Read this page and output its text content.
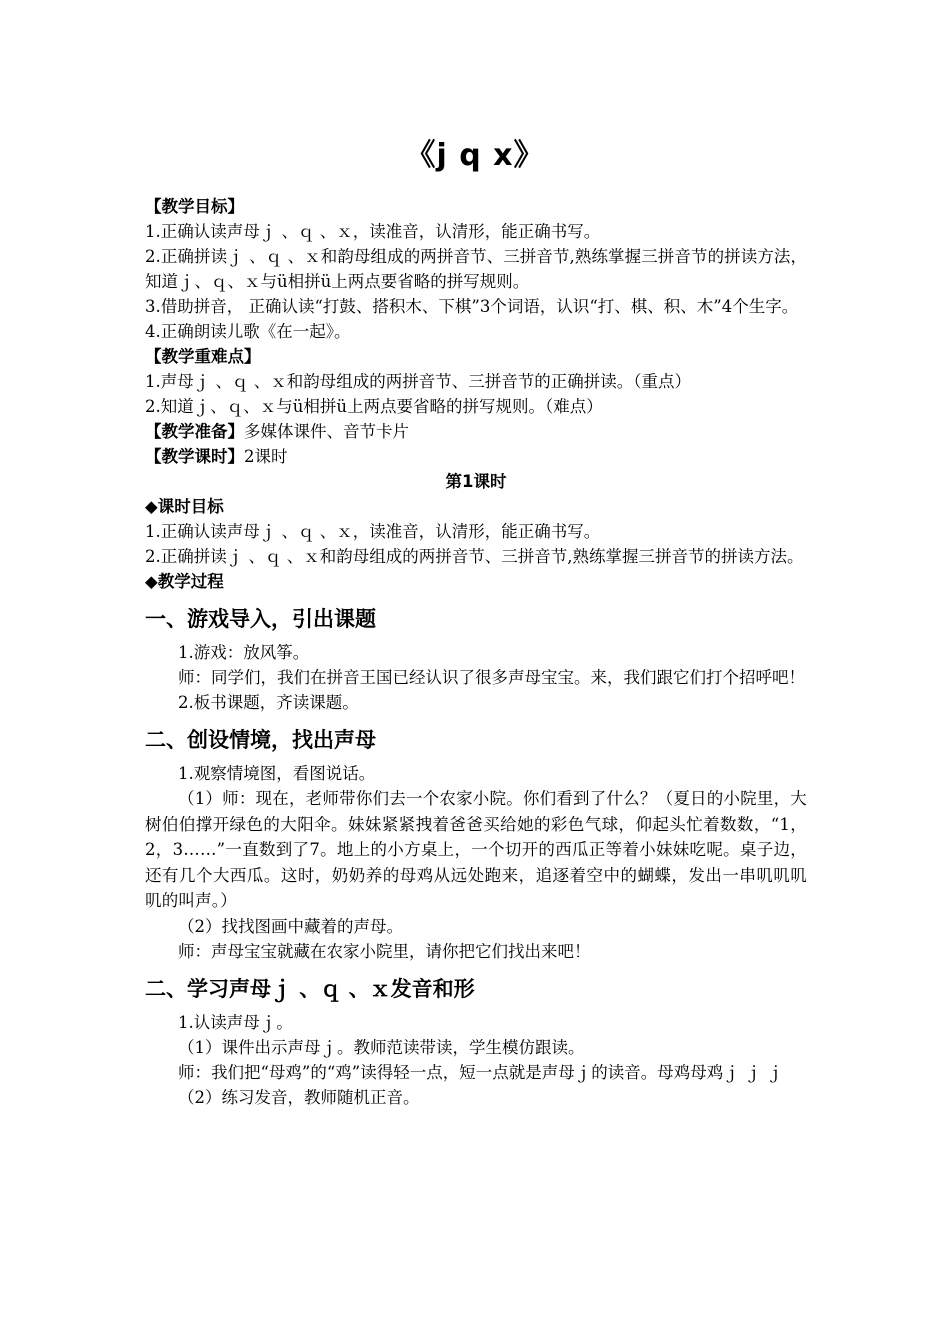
《j q x》

【教学目标】

1.正确认读声母ｊ 、ｑ 、ｘ，读准音，认清形，能正确书写。

2.正确拼读ｊ 、ｑ 、ｘ和韵母组成的两拼音节、三拼音节,熟练掌握三拼音节的拼读方法，知道ｊ、ｑ、ｘ与ü相拼ü上两点要省略的拼写规则。

3.借助拼音， 正确认读“打鼓、搭积木、下棋”3个词语，认识“打、棋、积、木”4个生字。

4.正确朗读儿歌《在一起》。

【教学重难点】

1.声母ｊ 、ｑ 、ｘ和韵母组成的两拼音节、三拼音节的正确拼读。（重点）

2.知道ｊ、ｑ、ｘ与ü相拼ü上两点要省略的拼写规则。（难点）

【教学准备】多媒体课件、音节卡片

【教学课时】2课时

第1课时

◆课时目标

1.正确认读声母ｊ 、ｑ 、ｘ，读准音，认清形，能正确书写。

2.正确拼读ｊ 、ｑ 、ｘ和韵母组成的两拼音节、三拼音节,熟练掌握三拼音节的拼读方法。

◆教学过程

一、游戏导入，引出课题

1.游戏：放风筝。

师：同学们，我们在拼音王国已经认识了很多声母宝宝。来，我们跟它们打个招呼吧！

2.板书课题，齐读课题。

二、创设情境，找出声母

1.观察情境图，看图说话。

（1）师：现在，老师带你们去一个农家小院。你们看到了什么？（夏日的小院里，大树伯伯撑开绿色的大阳伞。妹妹紧紧拽着爸爸买给她的彩色气球，仰起头忙着数数，“1，2，3……”一直数到了7。地上的小方桌上，一个切开的西瓜正等着小妹妹吃呢。桌子边，还有几个大西瓜。这时，奶奶养的母鸡从远处跑来，追逐着空中的蝴蝶，发出一串叽叽叽叽的叫声。）

（2）找找图画中藏着的声母。

师：声母宝宝就藏在农家小院里，请你把它们找出来吧！

二、学习声母ｊ 、ｑ 、ｘ发音和形

1.认读声母ｊ。

（1）课件出示声母ｊ。教师范读带读，学生模仿跟读。

师：我们把“母鸡”的“鸡”读得轻一点，短一点就是声母ｊ的读音。母鸡母鸡ｊ ｊ ｊ

（2）练习发音，教师随机正音。
